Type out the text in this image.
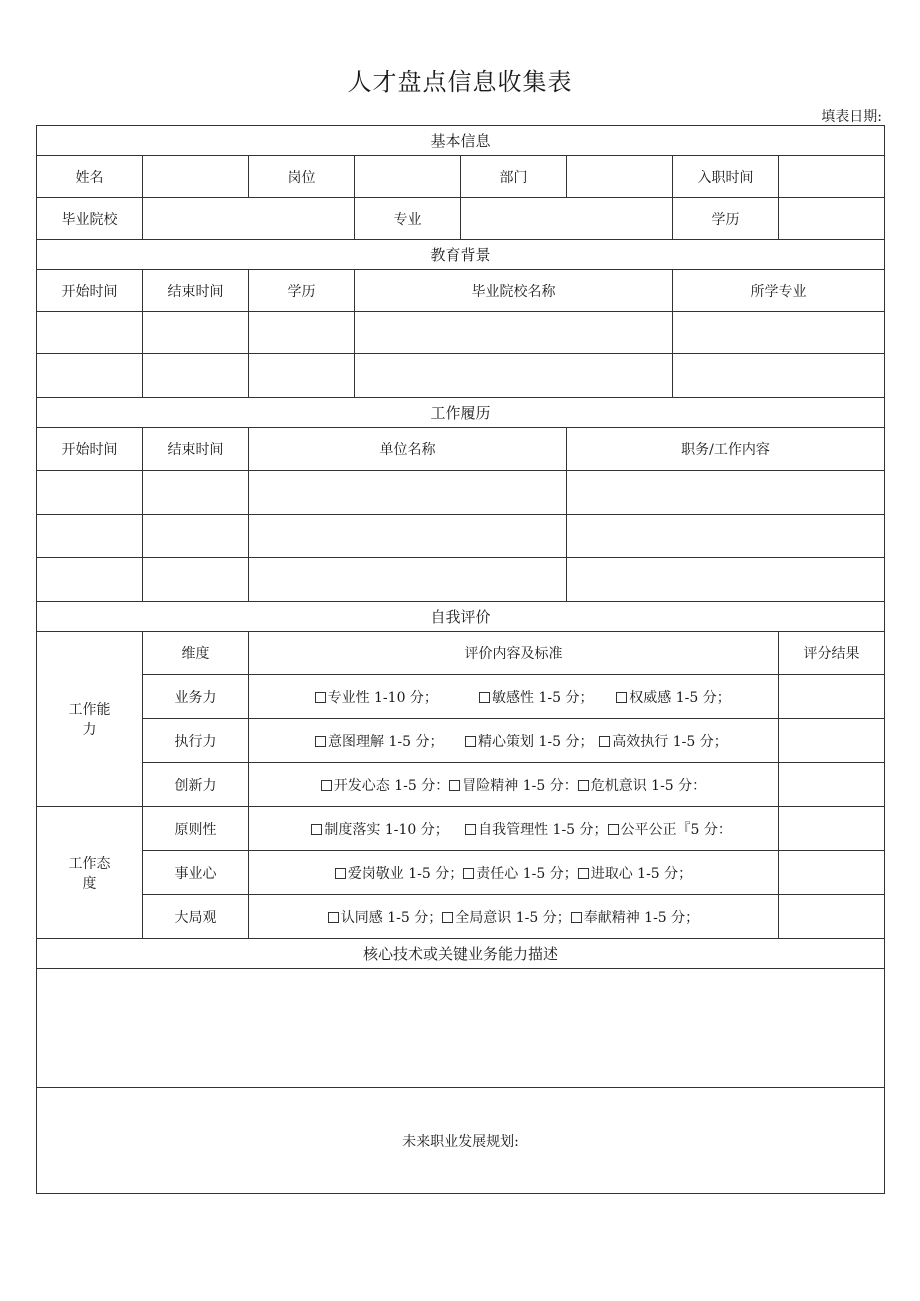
人才盘点信息收集表
填表日期:
基本信息							
姓名		岗位		部门		入职时间	
毕业院校			专业			学历	
教育背景							
开始时间	结束时间	学历	毕业院校名称			所学专业	

工作履历							
开始时间	结束时间	单位名称			职务/工作内容		

自我评价							
工作能力	维度	评价内容及标准					评分结果
	业务力	专业性 1-10 分； 敏感性 1-5 分； 权威感 1-5 分；					
	执行力	意图理解 1-5 分； 精心策划 1-5 分； 高效执行 1-5 分；					
	创新力	开发心态 1-5 分： 冒险精神 1-5 分： 危机意识 1-5 分：					
工作态度	原则性	制度落实 1-10 分； 自我管理性 1-5 分； 公平公正『5 分：					
	事业心	爱岗敬业 1-5 分； 责任心 1-5 分； 进取心 1-5 分；					
	大局观	认同感 1-5 分； 全局意识 1-5 分； 奉献精神 1-5 分；					
核心技术或关键业务能力描述							

未来职业发展规划:							
